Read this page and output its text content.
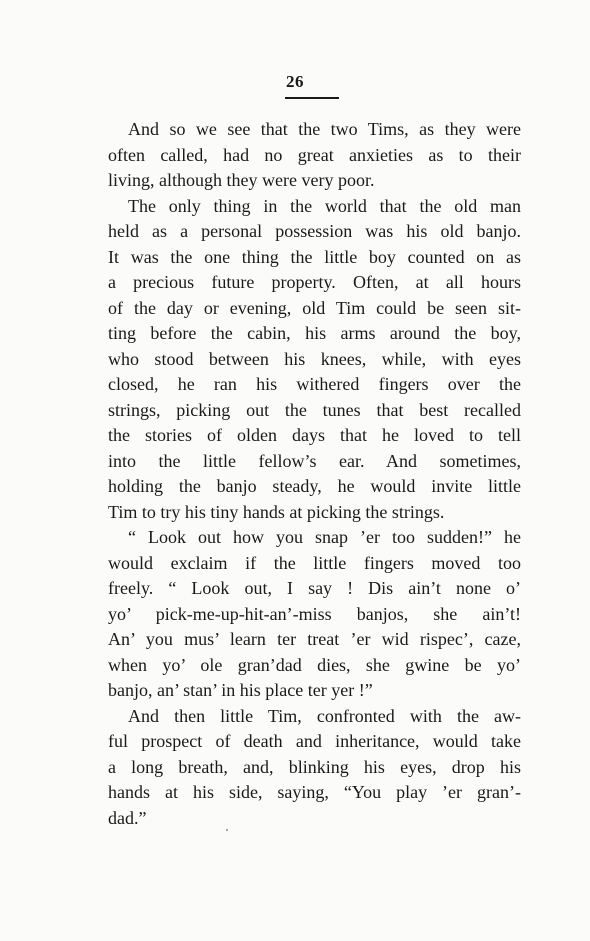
26
And so we see that the two Tims, as they were
often called, had no great anxieties as to their
living, although they were very poor.
The only thing in the world that the old man
held as a personal possession was his old banjo.
It was the one thing the little boy counted on as
a precious future property. Often, at all hours
of the day or evening, old Tim could be seen sit-
ting before the cabin, his arms around the boy,
who stood between his knees, while, with eyes
closed, he ran his withered fingers over the
strings, picking out the tunes that best recalled
the stories of olden days that he loved to tell
into the little fellow’s ear. And sometimes,
holding the banjo steady, he would invite little
Tim to try his tiny hands at picking the strings.
“ Look out how you snap ’er too sudden!” he
would exclaim if the little fingers moved too
freely. “ Look out, I say ! Dis ain’t none o’
yo’ pick-me-up-hit-an’-miss banjos, she ain’t!
An’ you mus’ learn ter treat ’er wid rispec’, caze,
when yo’ ole gran’dad dies, she gwine be yo’
banjo, an’ stan’ in his place ter yer !”
And then little Tim, confronted with the aw-
ful prospect of death and inheritance, would take
a long breath, and, blinking his eyes, drop his
hands at his side, saying, “You play ’er gran’-
dad.”
